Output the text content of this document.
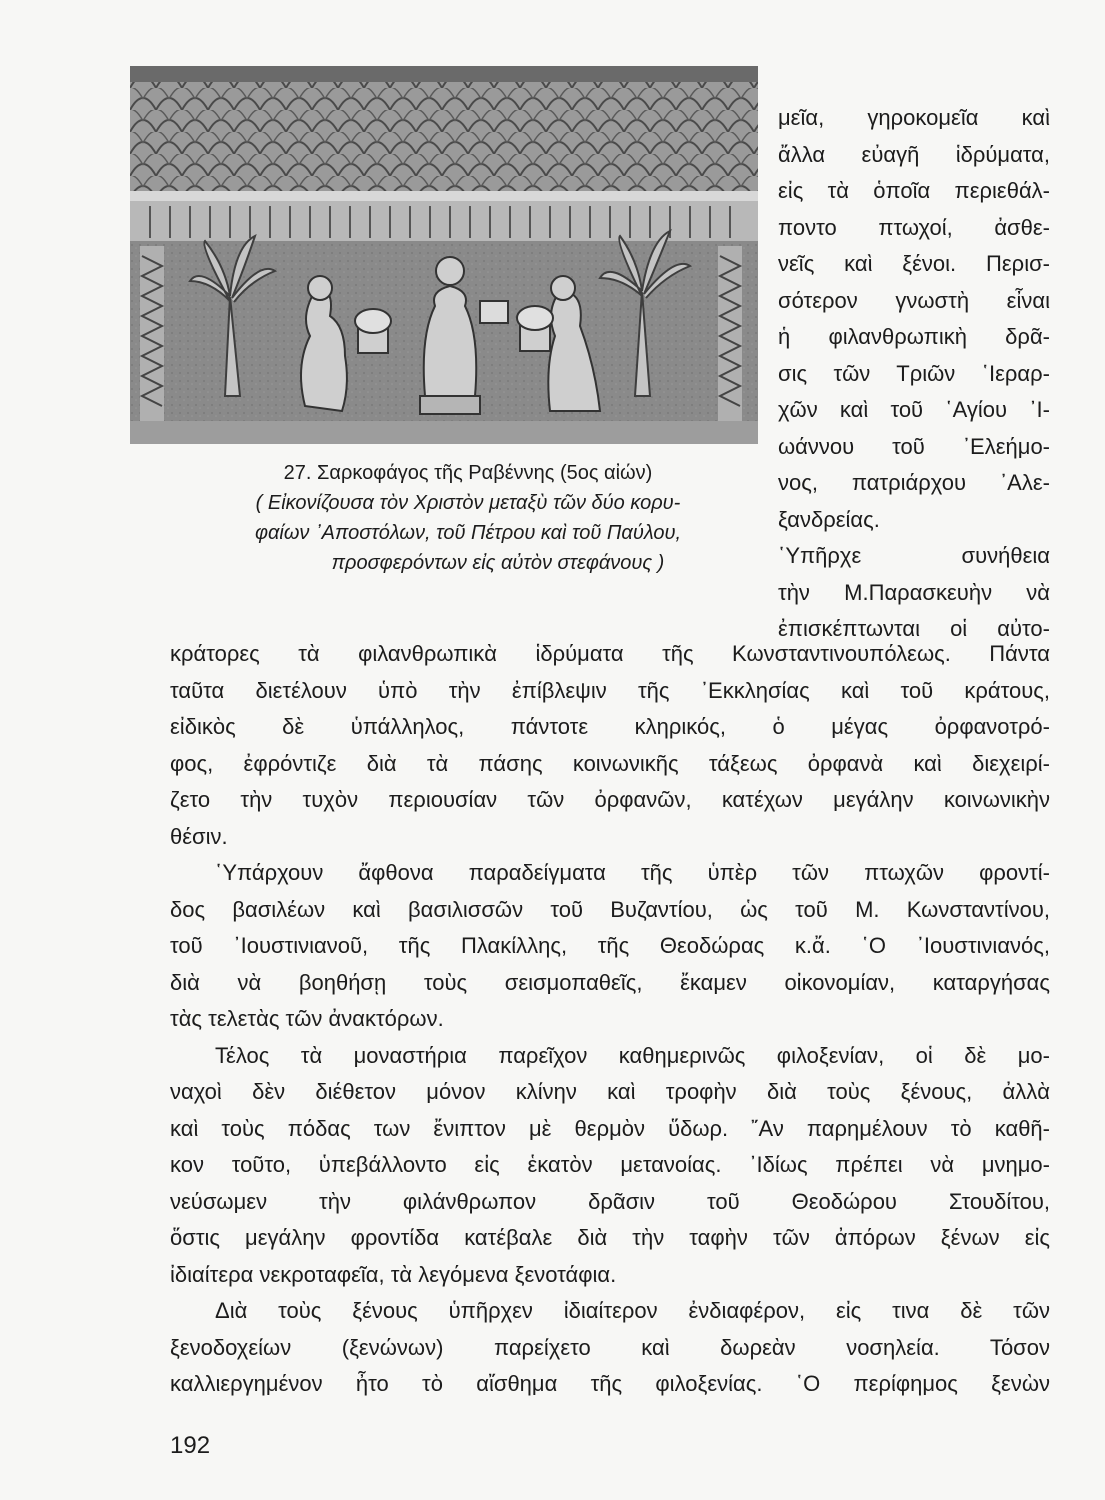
27. Σαρκοφάγος τῆς Ραβέννης (5ος αἰών)
( Εἰκονίζουσα τὸν Χριστὸν μεταξὺ τῶν δύο κορυ-
φαίων ᾿Αποστόλων, τοῦ Πέτρου καὶ τοῦ Παύλου,
προσφερόντων εἰς αὐτὸν στεφάνους )
μεῖα, γηροκομεῖα καὶ
ἄλλα εὐαγῆ ἱδρύματα,
εἰς τὰ ὁποῖα περιεθάλ-
ποντο πτωχοί, ἀσθε-
νεῖς καὶ ξένοι. Περισ-
σότερον γνωστὴ εἶναι
ἡ φιλανθρωπικὴ δρᾶ-
σις τῶν Τριῶν ῾Ιεραρ-
χῶν καὶ τοῦ ῾Αγίου ᾿Ι-
ωάννου τοῦ ᾿Ελεήμο-
νος, πατριάρχου ᾿Αλε-
ξανδρείας.
῾Υπῆρχε συνήθεια
τὴν Μ.Παρασκευὴν νὰ
ἐπισκέπτωνται οἱ αὐτο-
κράτορες τὰ φιλανθρωπικὰ ἱδρύματα τῆς Κωνσταντινουπόλεως. Πάντα
ταῦτα διετέλουν ὑπὸ τὴν ἐπίβλεψιν τῆς ᾿Εκκλησίας καὶ τοῦ κράτους,
εἰδικὸς δὲ ὑπάλληλος, πάντοτε κληρικός, ὁ μέγας ὀρφανοτρό-
φος, ἐφρόντιζε διὰ τὰ πάσης κοινωνικῆς τάξεως ὀρφανὰ καὶ διεχειρί-
ζετο τὴν τυχὸν περιουσίαν τῶν ὀρφανῶν, κατέχων μεγάλην κοινωνικὴν
θέσιν.
῾Υπάρχουν ἄφθονα παραδείγματα τῆς ὑπὲρ τῶν πτωχῶν φροντί-
δος βασιλέων καὶ βασιλισσῶν τοῦ Βυζαντίου, ὡς τοῦ Μ. Κωνσταντίνου,
τοῦ ᾿Ιουστινιανοῦ, τῆς Πλακίλλης, τῆς Θεοδώρας κ.ἄ. ῾Ο ᾿Ιουστινιανός,
διὰ νὰ βοηθήσῃ τοὺς σεισμοπαθεῖς, ἔκαμεν οἰκονομίαν, καταργήσας
τὰς τελετὰς τῶν ἀνακτόρων.
Τέλος τὰ μοναστήρια παρεῖχον καθημερινῶς φιλοξενίαν, οἱ δὲ μο-
ναχοὶ δὲν διέθετον μόνον κλίνην καὶ τροφὴν διὰ τοὺς ξένους, ἀλλὰ
καὶ τοὺς πόδας των ἔνιπτον μὲ θερμὸν ὕδωρ. ῎Αν παρημέλουν τὸ καθῆ-
κον τοῦτο, ὑπεβάλλοντο εἰς ἑκατὸν μετανοίας. ᾿Ιδίως πρέπει νὰ μνημο-
νεύσωμεν τὴν φιλάνθρωπον δρᾶσιν τοῦ Θεοδώρου Στουδίτου,
ὅστις μεγάλην φροντίδα κατέβαλε διὰ τὴν ταφὴν τῶν ἀπόρων ξένων εἰς
ἰδιαίτερα νεκροταφεῖα, τὰ λεγόμενα ξενοτάφια.
Διὰ τοὺς ξένους ὑπῆρχεν ἰδιαίτερον ἐνδιαφέρον, εἰς τινα δὲ τῶν
ξενοδοχείων (ξενώνων) παρείχετο καὶ δωρεὰν νοσηλεία. Τόσον
καλλιεργημένον ἦτο τὸ αἴσθημα τῆς φιλοξενίας. ῾Ο περίφημος ξενὼν
192
